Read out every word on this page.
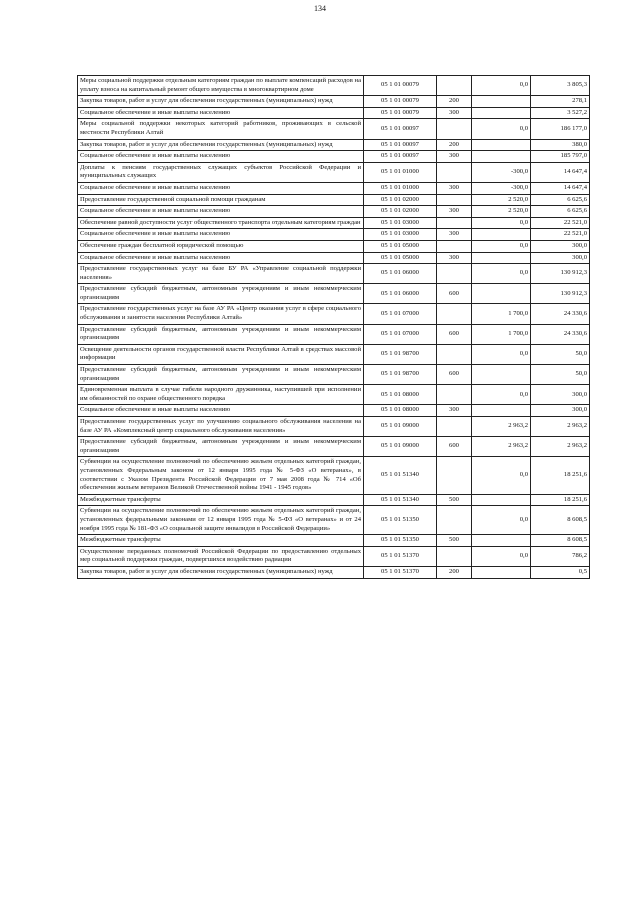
134
Меры социальной поддержки отдельным категориям граждан по выплате компенсаций расходов на уплату взноса на капитальный ремонт общего имущества в многоквартирном доме	05 1 01 00079		0,0	3 805,3
Закупка товаров, работ и услуг для обеспечения государственных (муниципальных) нужд	05 1 01 00079	200		278,1
Социальное обеспечение и иные выплаты населению	05 1 01 00079	300		3 527,2
Меры социальной поддержки некоторых категорий работников, проживающих в сельской местности Республики Алтай	05 1 01 00097		0,0	186 177,0
Закупка товаров, работ и услуг для обеспечения государственных (муниципальных) нужд	05 1 01 00097	200		380,0
Социальное обеспечение и иные выплаты населению	05 1 01 00097	300		185 797,0
Доплаты к пенсиям государственных служащих субъектов Российской Федерации и муниципальных служащих	05 1 01 01000		-300,0	14 647,4
Социальное обеспечение и иные выплаты населению	05 1 01 01000	300	-300,0	14 647,4
Предоставление государственной социальной помощи гражданам	05 1 01 02000		2 520,0	6 625,6
Социальное обеспечение и иные выплаты населению	05 1 01 02000	300	2 520,0	6 625,6
Обеспечение равной доступности услуг общественного транспорта отдельным категориям граждан	05 1 01 03000		0,0	22 521,0
Социальное обеспечение и иные выплаты населению	05 1 01 03000	300		22 521,0
Обеспечение граждан бесплатной юридической помощью	05 1 01 05000		0,0	300,0
Социальное обеспечение и иные выплаты населению	05 1 01 05000	300		300,0
Предоставление государственных услуг на базе БУ РА «Управление социальной поддержки населения»	05 1 01 06000		0,0	130 912,3
Предоставление субсидий бюджетным, автономным учреждениям и иным некоммерческим организациям	05 1 01 06000	600		130 912,3
Предоставление государственных услуг на базе АУ РА «Центр оказания услуг в сфере социального обслуживания и занятости населения Республики Алтай»	05 1 01 07000		1 700,0	24 330,6
Предоставление субсидий бюджетным, автономным учреждениям и иным некоммерческим организациям	05 1 01 07000	600	1 700,0	24 330,6
Освещение деятельности органов государственной власти Республики Алтай в средствах массовой информации	05 1 01 98700		0,0	50,0
Предоставление субсидий бюджетным, автономным учреждениям и иным некоммерческим организациям	05 1 01 98700	600		50,0
Единовременная выплата в случае гибели народного дружинника, наступившей при исполнении им обязанностей по охране общественного порядка	05 1 01 08000		0,0	300,0
Социальное обеспечение и иные выплаты населению	05 1 01 08000	300		300,0
Предоставление государственных услуг по улучшению социального обслуживания населения на базе АУ РА «Комплексный центр социального обслуживания населения»	05 1 01 09000		2 963,2	2 963,2
Предоставление субсидий бюджетным, автономным учреждениям и иным некоммерческим организациям	05 1 01 09000	600	2 963,2	2 963,2
Субвенции на осуществление полномочий по обеспечению жильем отдельных категорий граждан, установленных Федеральным законом от 12 января 1995 года № 5-ФЗ «О ветеранах», в соответствии с Указом Президента Российской Федерации от 7 мая 2008 года № 714 «Об обеспечении жильем ветеранов Великой Отечественной войны 1941 - 1945 годов»	05 1 01 51340		0,0	18 251,6
Межбюджетные трансферты	05 1 01 51340	500		18 251,6
Субвенции на осуществление полномочий по обеспечению жильем отдельных категорий граждан, установленных федеральными законами от 12 января 1995 года № 5-ФЗ «О ветеранах» и от 24 ноября 1995 года № 181-ФЗ «О социальной защите инвалидов в Российской Федерации»	05 1 01 51350		0,0	8 608,5
Межбюджетные трансферты	05 1 01 51350	500		8 608,5
Осуществление переданных полномочий Российской Федерации по предоставлению отдельных мер социальной поддержки граждан, подвергшихся воздействию радиации	05 1 01 51370		0,0	786,2
Закупка товаров, работ и услуг для обеспечения государственных (муниципальных) нужд	05 1 01 51370	200		0,5
